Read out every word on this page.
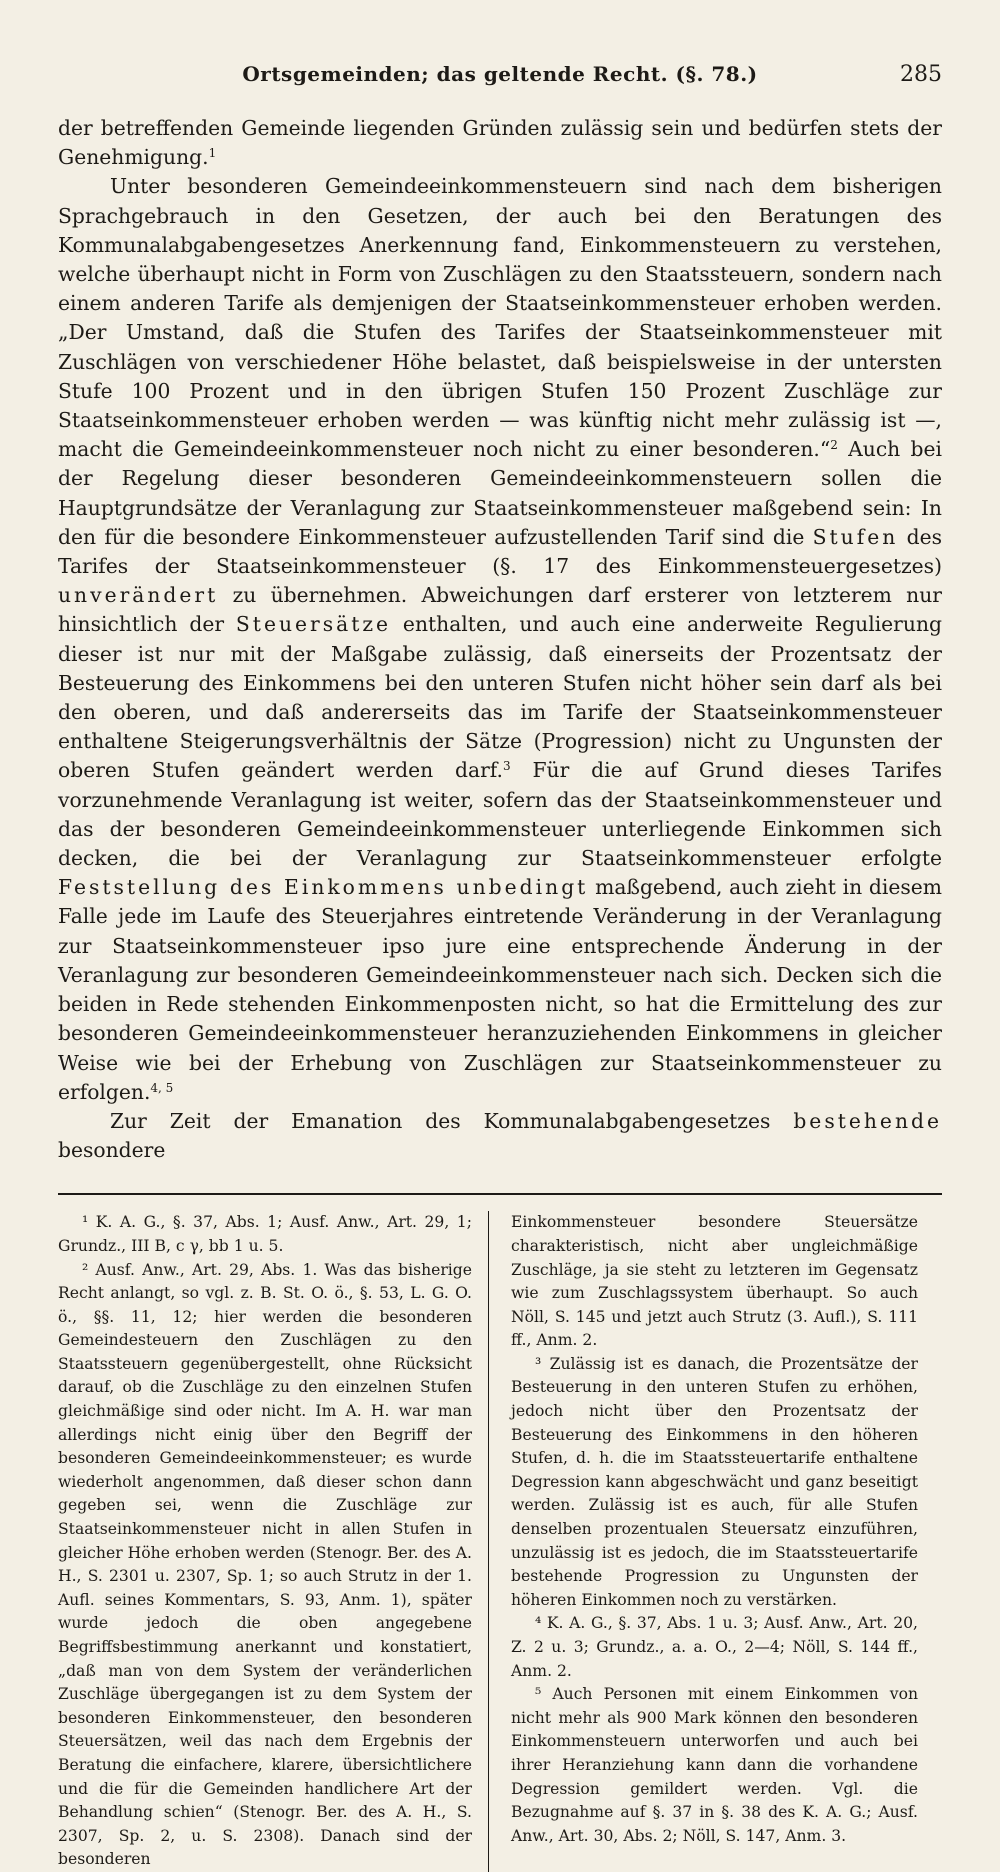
Ortsgemeinden; das geltende Recht. (§. 78.)	285

der betreffenden Gemeinde liegenden Gründen zulässig sein und bedürfen stets der Genehmigung.$^1$

Unter besonderen Gemeindeeinkommensteuern sind nach dem bisherigen Sprachgebrauch in den Gesetzen, der auch bei den Beratungen des Kommunalabgabengesetzes Anerkennung fand, Einkommensteuern zu verstehen, welche überhaupt nicht in Form von Zuschlägen zu den Staatssteuern, sondern nach einem anderen Tarife als demjenigen der Staatseinkommensteuer erhoben werden. „Der Umstand, daß die Stufen des Tarifes der Staatseinkommensteuer mit Zuschlägen von verschiedener Höhe belastet, daß beispielsweise in der untersten Stufe 100 Prozent und in den übrigen Stufen 150 Prozent Zuschläge zur Staatseinkommensteuer erhoben werden — was künftig nicht mehr zulässig ist —, macht die Gemeindeeinkommensteuer noch nicht zu einer besonderen.“$^2$ Auch bei der Regelung dieser besonderen Gemeindeeinkommensteuern sollen die Hauptgrundsätze der Veranlagung zur Staatseinkommensteuer maßgebend sein: In den für die besondere Einkommensteuer aufzustellenden Tarif sind die Stufen des Tarifes der Staatseinkommensteuer (§. 17 des Einkommensteuergesetzes) unverändert zu übernehmen. Abweichungen darf ersterer von letzterem nur hinsichtlich der Steuersätze enthalten, und auch eine anderweite Regulierung dieser ist nur mit der Maßgabe zulässig, daß einerseits der Prozentsatz der Besteuerung des Einkommens bei den unteren Stufen nicht höher sein darf als bei den oberen, und daß andererseits das im Tarife der Staatseinkommensteuer enthaltene Steigerungsverhältnis der Sätze (Progression) nicht zu Ungunsten der oberen Stufen geändert werden darf.$^3$ Für die auf Grund dieses Tarifes vorzunehmende Veranlagung ist weiter, sofern das der Staatseinkommensteuer und das der besonderen Gemeindeeinkommensteuer unterliegende Einkommen sich decken, die bei der Veranlagung zur Staatseinkommensteuer erfolgte Feststellung des Einkommens unbedingt maßgebend, auch zieht in diesem Falle jede im Laufe des Steuerjahres eintretende Veränderung in der Veranlagung zur Staatseinkommensteuer ipso jure eine entsprechende Änderung in der Veranlagung zur besonderen Gemeindeeinkommensteuer nach sich. Decken sich die beiden in Rede stehenden Einkommenposten nicht, so hat die Ermittelung des zur besonderen Gemeindeeinkommensteuer heranzuziehenden Einkommens in gleicher Weise wie bei der Erhebung von Zuschlägen zur Staatseinkommensteuer zu erfolgen.$^{4, 5}$

Zur Zeit der Emanation des Kommunalabgabengesetzes bestehende besondere

¹ K. A. G., §. 37, Abs. 1; Ausf. Anw., Art. 29, 1; Grundz., III B, c γ, bb 1 u. 5.

² Ausf. Anw., Art. 29, Abs. 1. Was das bisherige Recht anlangt, so vgl. z. B. St. O. ö., §. 53, L. G. O. ö., §§. 11, 12; hier werden die besonderen Gemeindesteuern den Zuschlägen zu den Staatssteuern gegenübergestellt, ohne Rücksicht darauf, ob die Zuschläge zu den einzelnen Stufen gleichmäßige sind oder nicht. Im A. H. war man allerdings nicht einig über den Begriff der besonderen Gemeindeeinkommensteuer; es wurde wiederholt angenommen, daß dieser schon dann gegeben sei, wenn die Zuschläge zur Staatseinkommensteuer nicht in allen Stufen in gleicher Höhe erhoben werden (Stenogr. Ber. des A. H., S. 2301 u. 2307, Sp. 1; so auch Strutz in der 1. Aufl. seines Kommentars, S. 93, Anm. 1), später wurde jedoch die oben angegebene Begriffsbestimmung anerkannt und konstatiert, „daß man von dem System der veränderlichen Zuschläge übergegangen ist zu dem System der besonderen Einkommensteuer, den besonderen Steuersätzen, weil das nach dem Ergebnis der Beratung die einfachere, klarere, übersichtlichere und die für die Gemeinden handlichere Art der Behandlung schien“ (Stenogr. Ber. des A. H., S. 2307, Sp. 2, u. S. 2308). Danach sind der besonderen

Einkommensteuer besondere Steuersätze charakteristisch, nicht aber ungleichmäßige Zuschläge, ja sie steht zu letzteren im Gegensatz wie zum Zuschlagssystem überhaupt. So auch Nöll, S. 145 und jetzt auch Strutz (3. Aufl.), S. 111 ff., Anm. 2.

³ Zulässig ist es danach, die Prozentsätze der Besteuerung in den unteren Stufen zu erhöhen, jedoch nicht über den Prozentsatz der Besteuerung des Einkommens in den höheren Stufen, d. h. die im Staatssteuertarife enthaltene Degression kann abgeschwächt und ganz beseitigt werden. Zulässig ist es auch, für alle Stufen denselben prozentualen Steuersatz einzuführen, unzulässig ist es jedoch, die im Staatssteuertarife bestehende Progression zu Ungunsten der höheren Einkommen noch zu verstärken.

⁴ K. A. G., §. 37, Abs. 1 u. 3; Ausf. Anw., Art. 20, Z. 2 u. 3; Grundz., a. a. O., 2—4; Nöll, S. 144 ff., Anm. 2.

⁵ Auch Personen mit einem Einkommen von nicht mehr als 900 Mark können den besonderen Einkommensteuern unterworfen und auch bei ihrer Heranziehung kann dann die vorhandene Degression gemildert werden. Vgl. die Bezugnahme auf §. 37 in §. 38 des K. A. G.; Ausf. Anw., Art. 30, Abs. 2; Nöll, S. 147, Anm. 3.
